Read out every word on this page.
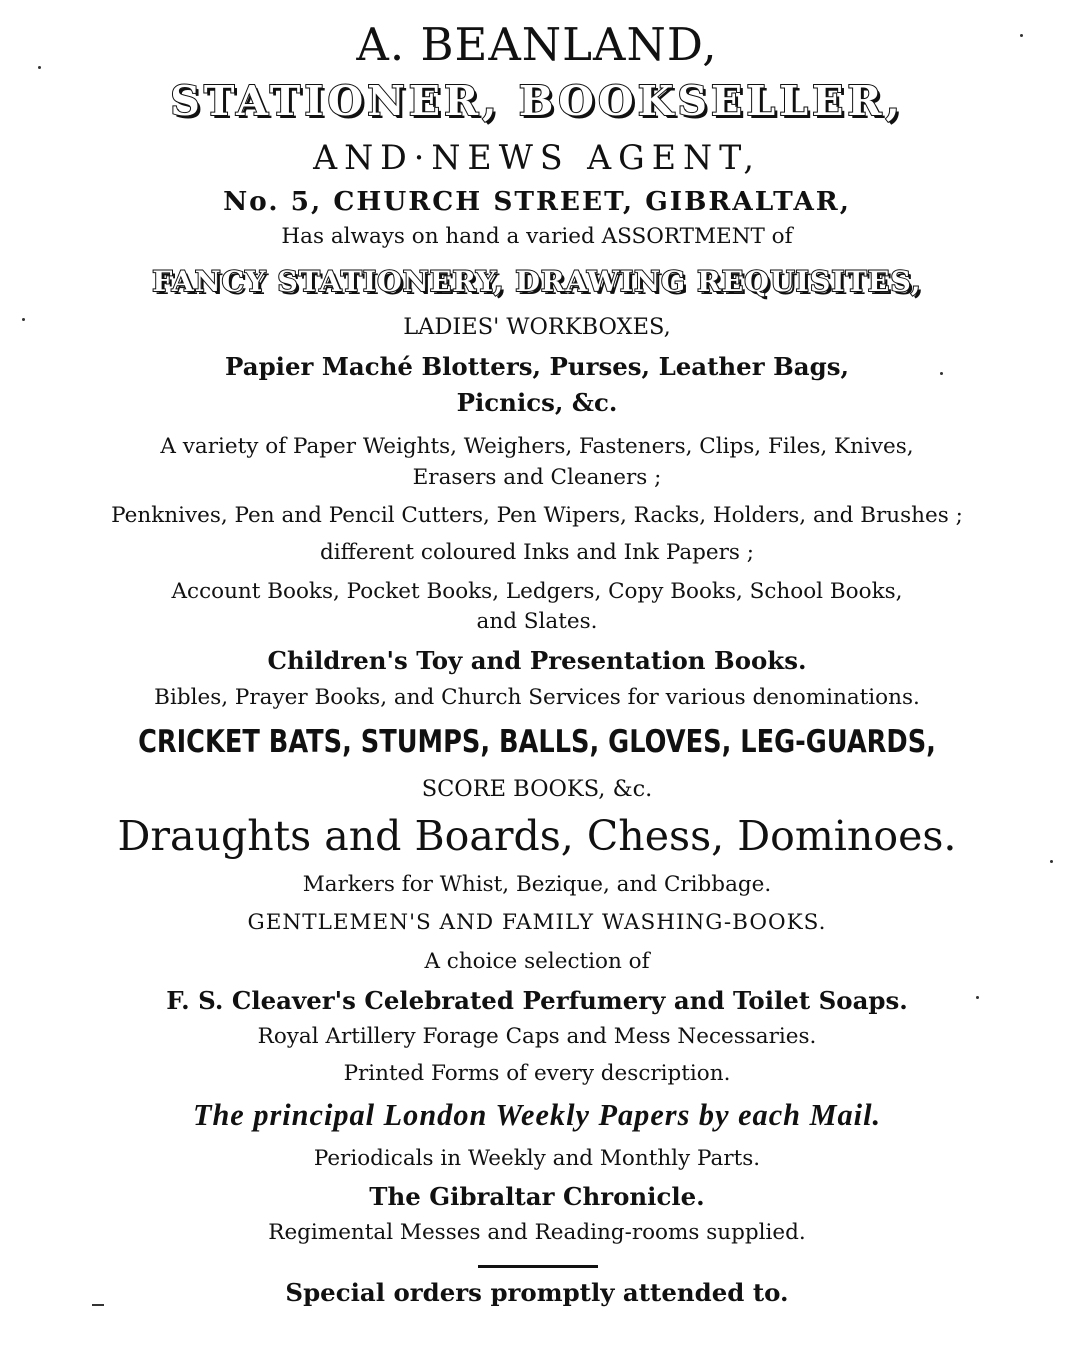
A. BEANLAND,
STATIONER, BOOKSELLER,
AND·NEWS AGENT,
No. 5, CHURCH STREET, GIBRALTAR,
Has always on hand a varied ASSORTMENT of
FANCY STATIONERY, DRAWING REQUISITES,
LADIES' WORKBOXES,
Papier Maché Blotters, Purses, Leather Bags,
Picnics, &c.
A variety of Paper Weights, Weighers, Fasteners, Clips, Files, Knives,
Erasers and Cleaners ;
Penknives, Pen and Pencil Cutters, Pen Wipers, Racks, Holders, and Brushes ;
different coloured Inks and Ink Papers ;
Account Books, Pocket Books, Ledgers, Copy Books, School Books,
and Slates.
Children's Toy and Presentation Books.
Bibles, Prayer Books, and Church Services for various denominations.
CRICKET BATS, STUMPS, BALLS, GLOVES, LEG-GUARDS,
SCORE BOOKS, &c.
Draughts and Boards, Chess, Dominoes.
Markers for Whist, Bezique, and Cribbage.
GENTLEMEN'S AND FAMILY WASHING-BOOKS.
A choice selection of
F. S. Cleaver's Celebrated Perfumery and Toilet Soaps.
Royal Artillery Forage Caps and Mess Necessaries.
Printed Forms of every description.
The principal London Weekly Papers by each Mail.
Periodicals in Weekly and Monthly Parts.
The Gibraltar Chronicle.
Regimental Messes and Reading-rooms supplied.
Special orders promptly attended to.
